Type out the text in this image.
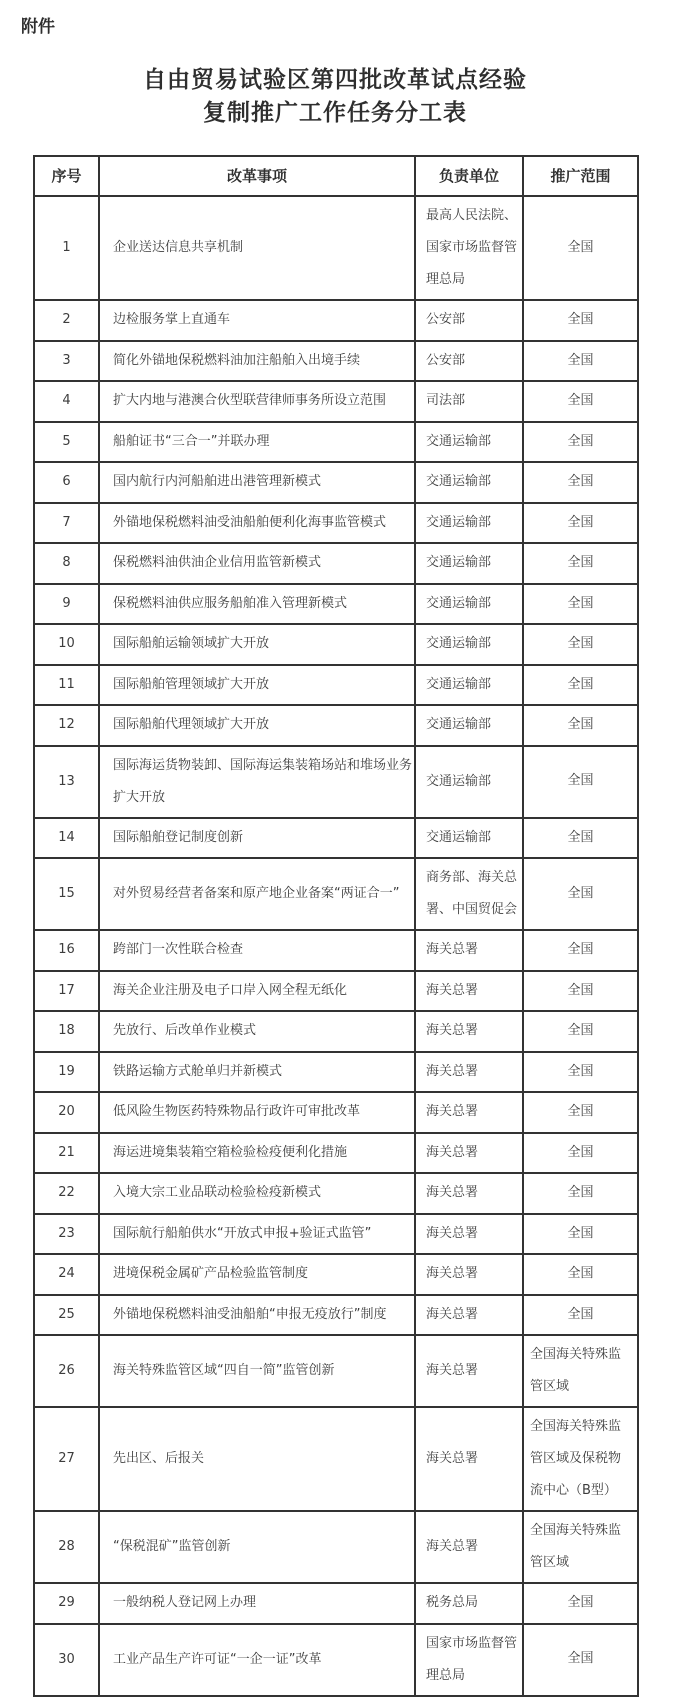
附件
自由贸易试验区第四批改革试点经验
复制推广工作任务分工表
序号	改革事项	负责单位	推广范围
1	企业送达信息共享机制	最高人民法院、国家市场监督管理总局	全国
2	边检服务掌上直通车	公安部	全国
3	简化外锚地保税燃料油加注船舶入出境手续	公安部	全国
4	扩大内地与港澳合伙型联营律师事务所设立范围	司法部	全国
5	船舶证书“三合一”并联办理	交通运输部	全国
6	国内航行内河船舶进出港管理新模式	交通运输部	全国
7	外锚地保税燃料油受油船舶便利化海事监管模式	交通运输部	全国
8	保税燃料油供油企业信用监管新模式	交通运输部	全国
9	保税燃料油供应服务船舶准入管理新模式	交通运输部	全国
10	国际船舶运输领域扩大开放	交通运输部	全国
11	国际船舶管理领域扩大开放	交通运输部	全国
12	国际船舶代理领域扩大开放	交通运输部	全国
13	国际海运货物装卸、国际海运集装箱场站和堆场业务扩大开放	交通运输部	全国
14	国际船舶登记制度创新	交通运输部	全国
15	对外贸易经营者备案和原产地企业备案“两证合一”	商务部、海关总署、中国贸促会	全国
16	跨部门一次性联合检查	海关总署	全国
17	海关企业注册及电子口岸入网全程无纸化	海关总署	全国
18	先放行、后改单作业模式	海关总署	全国
19	铁路运输方式舱单归并新模式	海关总署	全国
20	低风险生物医药特殊物品行政许可审批改革	海关总署	全国
21	海运进境集装箱空箱检验检疫便利化措施	海关总署	全国
22	入境大宗工业品联动检验检疫新模式	海关总署	全国
23	国际航行船舶供水“开放式申报+验证式监管”	海关总署	全国
24	进境保税金属矿产品检验监管制度	海关总署	全国
25	外锚地保税燃料油受油船舶“申报无疫放行”制度	海关总署	全国
26	海关特殊监管区域“四自一简”监管创新	海关总署	全国海关特殊监管区域
27	先出区、后报关	海关总署	全国海关特殊监管区域及保税物流中心（B型）
28	“保税混矿”监管创新	海关总署	全国海关特殊监管区域
29	一般纳税人登记网上办理	税务总局	全国
30	工业产品生产许可证“一企一证”改革	国家市场监督管理总局	全国
